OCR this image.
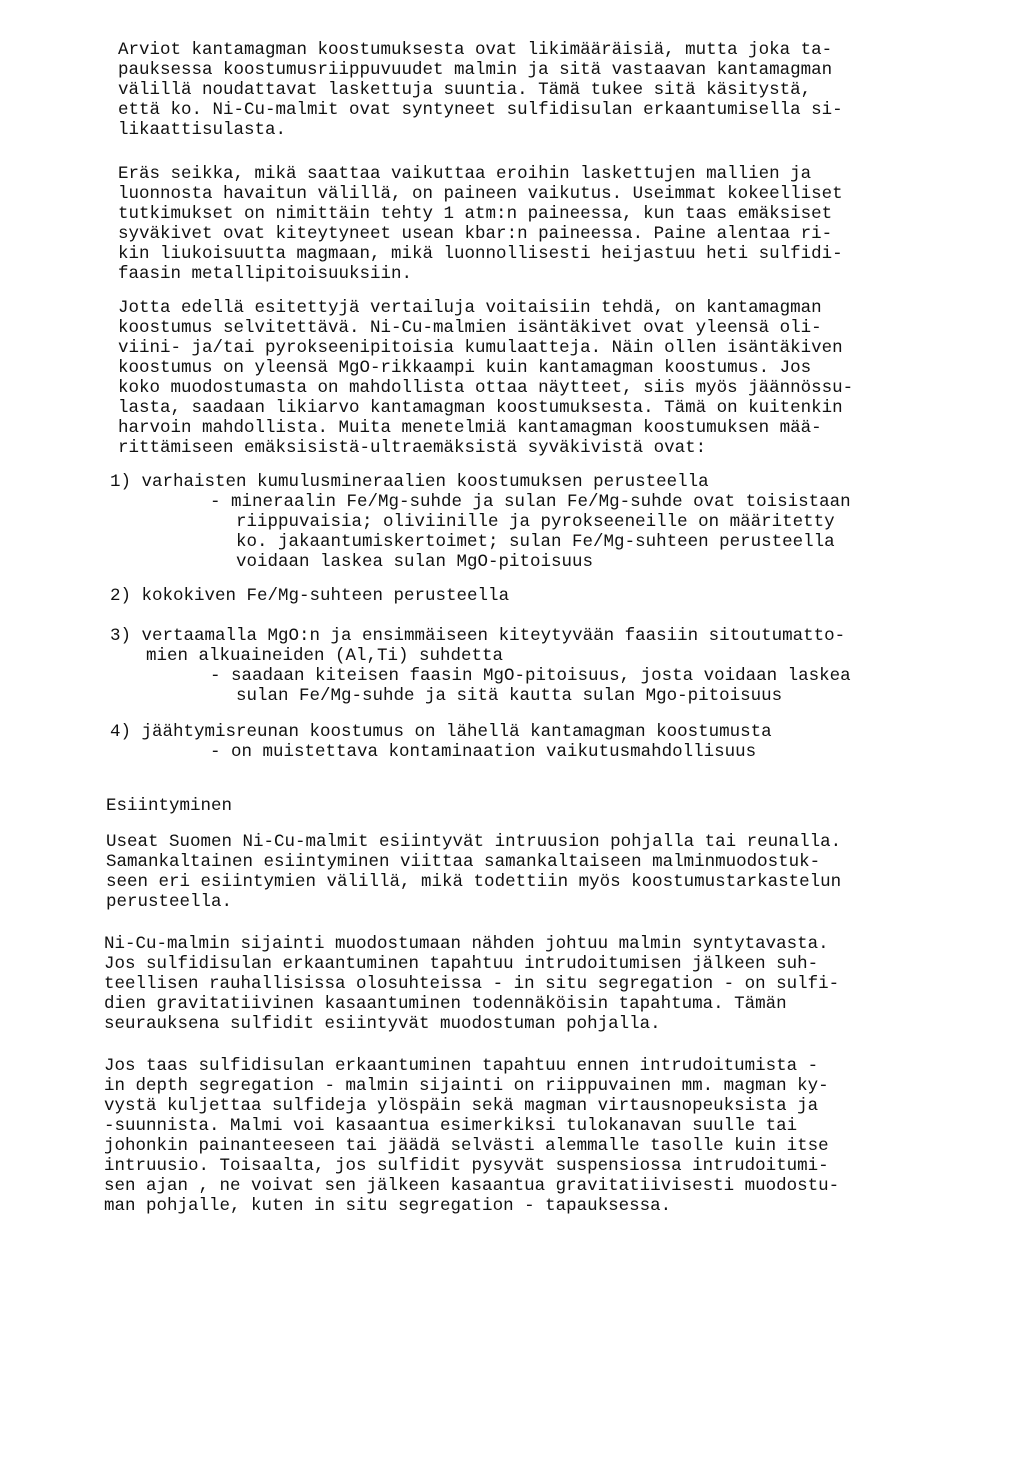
Arviot kantamagman koostumuksesta ovat likimääräisiä, mutta joka ta-

pauksessa koostumusriippuvuudet malmin ja sitä vastaavan kantamagman

välillä noudattavat laskettuja suuntia. Tämä tukee sitä käsitystä,

että ko. Ni-Cu-malmit ovat syntyneet sulfidisulan erkaantumisella si-

likaattisulasta.

Eräs seikka, mikä saattaa vaikuttaa eroihin laskettujen mallien ja

luonnosta havaitun välillä, on paineen vaikutus. Useimmat kokeelliset

tutkimukset on nimittäin tehty 1 atm:n paineessa, kun taas emäksiset

syväkivet ovat kiteytyneet usean kbar:n paineessa. Paine alentaa ri-

kin liukoisuutta magmaan, mikä luonnollisesti heijastuu heti sulfidi-

faasin metallipitoisuuksiin.

Jotta edellä esitettyjä vertailuja voitaisiin tehdä, on kantamagman

koostumus selvitettävä. Ni-Cu-malmien isäntäkivet ovat yleensä oli-

viini- ja/tai pyrokseenipitoisia kumulaatteja. Näin ollen isäntäkiven

koostumus on yleensä MgO-rikkaampi kuin kantamagman koostumus. Jos

koko muodostumasta on mahdollista ottaa näytteet, siis myös jäännössu-

lasta, saadaan likiarvo kantamagman koostumuksesta. Tämä on kuitenkin

harvoin mahdollista. Muita menetelmiä kantamagman koostumuksen mää-

rittämiseen emäksisistä-ultraemäksistä syväkivistä ovat:

1) varhaisten kumulusmineraalien koostumuksen perusteella

- mineraalin Fe/Mg-suhde ja sulan Fe/Mg-suhde ovat toisistaan

riippuvaisia; oliviinille ja pyrokseeneille on määritetty

ko. jakaantumiskertoimet; sulan Fe/Mg-suhteen perusteella

voidaan laskea sulan MgO-pitoisuus

2) kokokiven Fe/Mg-suhteen perusteella

3) vertaamalla MgO:n ja ensimmäiseen kiteytyvään faasiin sitoutumatto-

mien alkuaineiden (Al,Ti) suhdetta

- saadaan kiteisen faasin MgO-pitoisuus, josta voidaan laskea

sulan Fe/Mg-suhde ja sitä kautta sulan Mgo-pitoisuus

4) jäähtymisreunan koostumus on lähellä kantamagman koostumusta

- on muistettava kontaminaation vaikutusmahdollisuus

Esiintyminen

Useat Suomen Ni-Cu-malmit esiintyvät intruusion pohjalla tai reunalla.

Samankaltainen esiintyminen viittaa samankaltaiseen malminmuodostuk-

seen eri esiintymien välillä, mikä todettiin myös koostumustarkastelun

perusteella.

Ni-Cu-malmin sijainti muodostumaan nähden johtuu malmin syntytavasta.

Jos sulfidisulan erkaantuminen tapahtuu intrudoitumisen jälkeen suh-

teellisen rauhallisissa olosuhteissa - in situ segregation - on sulfi-

dien gravitatiivinen kasaantuminen todennäköisin tapahtuma. Tämän

seurauksena sulfidit esiintyvät muodostuman pohjalla.

Jos taas sulfidisulan erkaantuminen tapahtuu ennen intrudoitumista -

in depth segregation - malmin sijainti on riippuvainen mm. magman ky-

vystä kuljettaa sulfideja ylöspäin sekä magman virtausnopeuksista ja

-suunnista. Malmi voi kasaantua esimerkiksi tulokanavan suulle tai

johonkin painanteeseen tai jäädä selvästi alemmalle tasolle kuin itse

intruusio. Toisaalta, jos sulfidit pysyvät suspensiossa intrudoitumi-

sen ajan , ne voivat sen jälkeen kasaantua gravitatiivisesti muodostu-

man pohjalle, kuten in situ segregation - tapauksessa.
